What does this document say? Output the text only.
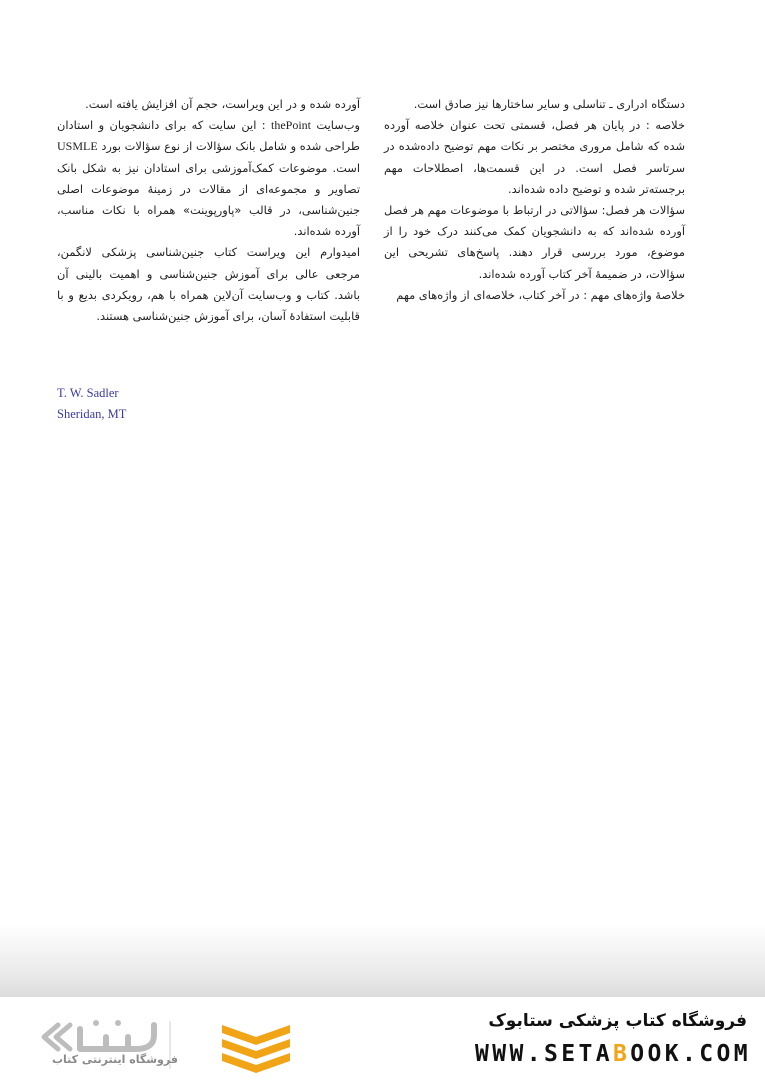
دستگاه ادراری ـ تناسلی و سایر ساختارها نیز صادق است.

خلاصه : در پایان هر فصل، قسمتی تحت عنوان خلاصه آورده شده که شامل مروری مختصر بر نکات مهم توضیح داده‌شده در سرتاسر فصل است. در این قسمت‌ها، اصطلاحات مهم برجسته‌تر شده و توضیح داده شده‌اند.

سؤالات هر فصل: سؤالاتی در ارتباط با موضوعات مهم هر فصل آورده شده‌اند که به دانشجویان کمک می‌کنند درک خود را از موضوع، مورد بررسی قرار دهند. پاسخ‌های تشریحی این سؤالات، در ضمیمهٔ آخر کتاب آورده شده‌اند.

خلاصهٔ واژه‌های مهم : در آخر کتاب، خلاصه‌ای از واژه‌های مهم

آورده شده و در این ویراست، حجم آن افزایش یافته است.

وب‌سایت thePoint : این سایت که برای دانشجویان و استادان طراحی شده و شامل بانک سؤالات از نوع سؤالات بورد USMLE است. موضوعات کمک‌آموزشی برای استادان نیز به شکل بانک تصاویر و مجموعه‌ای از مقالات در زمینهٔ موضوعات اصلی جنین‌شناسی، در قالب «پاورپوینت» همراه با نکات مناسب، آورده شده‌اند.

امیدوارم این ویراست کتاب جنین‌شناسی پزشکی لانگمن، مرجعی عالی برای آموزش جنین‌شناسی و اهمیت بالینی آن باشد. کتاب و وب‌سایت آن‌لاین همراه با هم، رویکردی بدیع و با قابلیت استفادهٔ آسان، برای آموزش جنین‌شناسی هستند.

T. W. Sadler
Sheridan, MT
ستابوک
فروشگاه اینترنتی کتاب

فروشگاه کتاب پزشکی ستابوک

WWW.SETABOOK.COM
